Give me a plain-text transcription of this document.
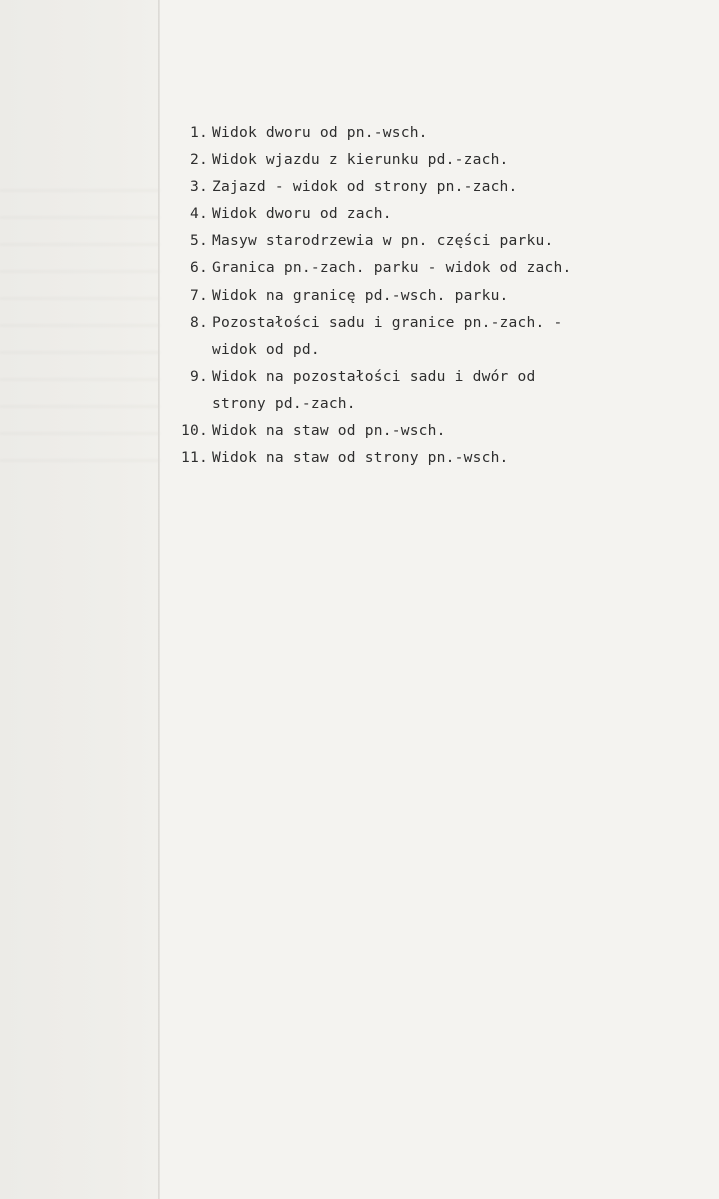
1. Widok dworu od pn.-wsch.
2. Widok wjazdu z kierunku pd.-zach.
3. Zajazd - widok od strony pn.-zach.
4. Widok dworu od zach.
5. Masyw starodrzewia w pn. części parku.
6. Granica pn.-zach. parku - widok od zach.
7. Widok na granicę pd.-wsch. parku.
8. Pozostałości sadu i granice pn.-zach. -
widok od pd.
9. Widok na pozostałości sadu i dwór od
strony pd.-zach.
10. Widok na staw od pn.-wsch.
11. Widok na staw od strony pn.-wsch.
